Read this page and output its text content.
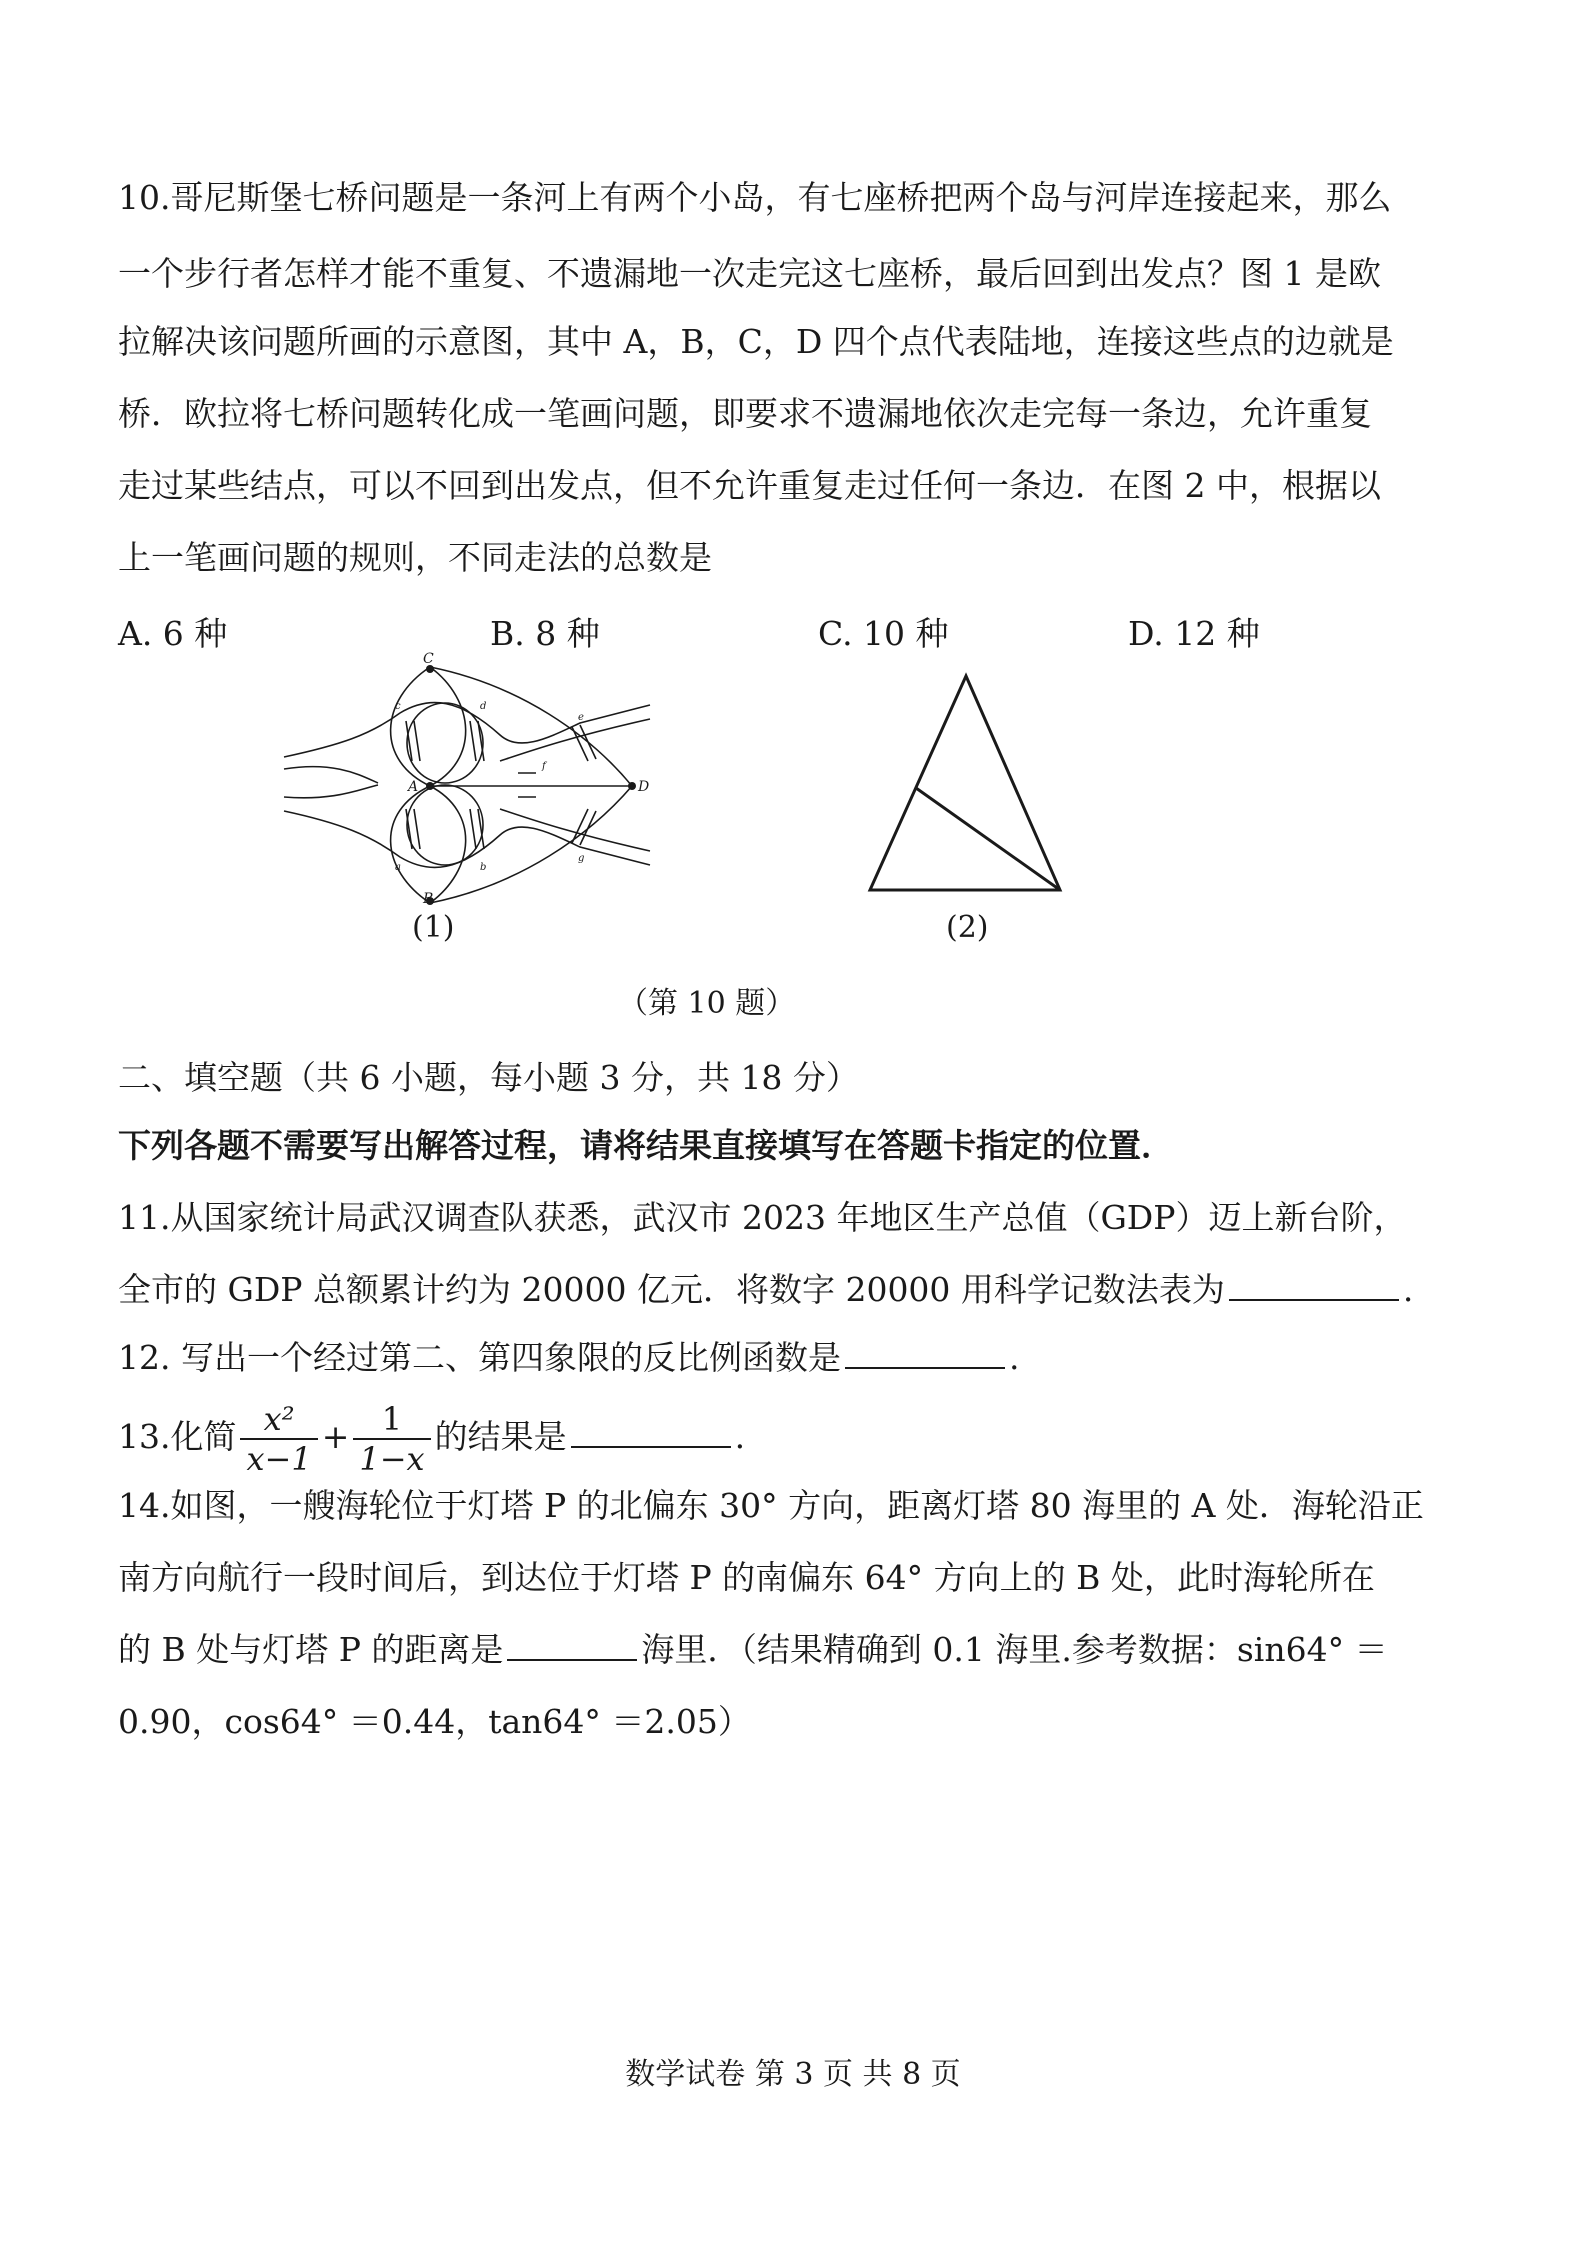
10.哥尼斯堡七桥问题是一条河上有两个小岛，有七座桥把两个岛与河岸连接起来，那么
一个步行者怎样才能不重复、不遗漏地一次走完这七座桥，最后回到出发点？图 1 是欧
拉解决该问题所画的示意图，其中 A，B，C，D 四个点代表陆地，连接这些点的边就是
桥．欧拉将七桥问题转化成一笔画问题，即要求不遗漏地依次走完每一条边，允许重复
走过某些结点，可以不回到出发点，但不允许重复走过任何一条边．在图 2 中，根据以
上一笔画问题的规则，不同走法的总数是
A. 6 种	B. 8 种	C. 10 种	D. 12 种
C
A
B
D
c	d
a	b
f
e
g
(1)	(2)
（第 10 题）
二、填空题（共 6 小题，每小题 3 分，共 18 分）
下列各题不需要写出解答过程，请将结果直接填写在答题卡指定的位置．
11.从国家统计局武汉调查队获悉，武汉市 2023 年地区生产总值（GDP）迈上新台阶，
全市的 GDP 总额累计约为 20000 亿元．将数字 20000 用科学记数法表为	.
12. 写出一个经过第二、第四象限的反比例函数是	.
13.化简 $\frac{\text{x²}}{x-1} + \frac{1}{1-x}$ 的结果是	.
14.如图，一艘海轮位于灯塔 P 的北偏东 30° 方向，距离灯塔 80 海里的 A 处．海轮沿正
南方向航行一段时间后，到达位于灯塔 P 的南偏东 64° 方向上的 B 处，此时海轮所在
的 B 处与灯塔 P 的距离是	海里．（结果精确到 0.1 海里.参考数据：sin64° ＝
0.90，cos64° ＝0.44，tan64° ＝2.05）
数学试卷 第 3 页 共 8 页
